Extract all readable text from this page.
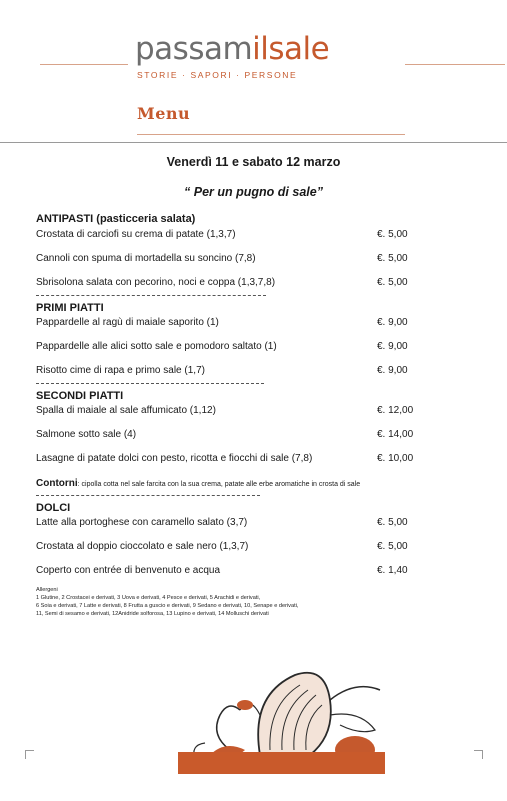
passamilsale
STORIE · SAPORI · PERSONE
Menu
Venerdì 11 e sabato 12 marzo
“ Per un pugno di sale”
ANTIPASTI (pasticceria salata)
Crostata di carciofi su crema di patate (1,3,7)	€. 5,00
Cannoli con spuma di mortadella su soncino (7,8)	€. 5,00
Sbrisolona salata con pecorino, noci e coppa (1,3,7,8)	€. 5,00
PRIMI PIATTI
Pappardelle al ragù di maiale saporito (1)	€. 9,00
Pappardelle alle alici sotto sale e pomodoro saltato (1)	€. 9,00
Risotto cime di rapa e primo sale (1,7)	€. 9,00
SECONDI PIATTI
Spalla di maiale al sale affumicato (1,12)	€. 12,00
Salmone sotto sale (4)	€. 14,00
Lasagne di patate dolci con pesto, ricotta e fiocchi di sale (7,8)	€. 10,00
Contorni: cipolla cotta nel sale farcita con la sua crema, patate alle erbe aromatiche in crosta di sale
DOLCI
Latte alla portoghese con caramello salato (3,7)	€. 5,00
Crostata al doppio cioccolato e sale nero (1,3,7)	€. 5,00
Coperto con entrée di benvenuto e acqua	€. 1,40
Allergeni
1 Glutine, 2 Crostacei e derivati, 3 Uova e derivati, 4 Pesce e derivati, 5 Arachidi e derivati,
6 Soia e derivati, 7 Latte e derivati, 8 Frutta a guscio e derivati, 9 Sedano e derivati, 10, Senape e derivati,
11, Semi di sesamo e derivati, 12Anidride solforosa, 13 Lupino e derivati, 14 Molluschi derivati
